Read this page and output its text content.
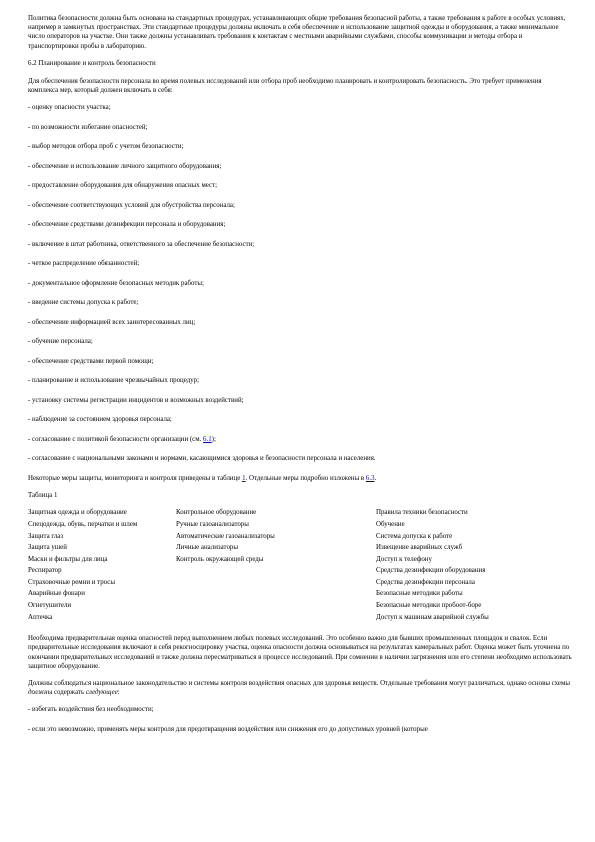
Политика безопасности должна быть основана на стандартных процедурах, устанавливающих общие требования безопасной работы, а также требования к работе в особых условиях, например в замкнутых пространствах. Эти стандартные процедуры должны включать в себя обеспечение и использование защитной одежды и оборудования, а также минимальное число операторов на участке. Они также должны устанавливать требования к контактам с местными аварийными службами, способы коммуникации и методы отбора и транспортировки пробы в лабораторию.

6.2 Планирование и контроль безопасности

Для обеспечения безопасности персонала во время полевых исследований или отбора проб необходимо планировать и контролировать безопасность. Это требует применения комплекса мер, который должен включать в себя:

- оценку опасности участка;

- по возможности избегание опасностей;

- выбор методов отбора проб с учетом безопасности;

- обеспечение и использование личного защитного оборудования;

- предоставление оборудования для обнаружения опасных мест;

- обеспечение соответствующих условий для обустройства персонала;

- обеспечение средствами дезинфекции персонала и оборудования;

- включение в штат работника, ответственного за обеспечение безопасности;

- четкое распределение обязанностей;

- документальное оформление безопасных методик работы;

- введение системы допуска к работе;

- обеспечение информацией всех заинтересованных лиц;

- обучение персонала;

- обеспечение средствами первой помощи;

- планирование и использование чрезвычайных процедур;

- установку системы регистрации инцидентов и возможных воздействий;

- наблюдение за состоянием здоровья персонала;

- согласование с политикой безопасности организации (см. 6.1);

- согласование с национальными законами и нормами, касающимися здоровья и безопасности персонала и населения.

Некоторые меры защиты, мониторинга и контроля приведены в таблице 1. Отдельные меры подробно изложены в 6.3.

Таблица 1

Защитная одежда и оборудование	Контрольное оборудование	Правила техники безопасности
Спецодежда, обувь, перчатки и шлем	Ручные газоанализаторы	Обучение
Защита глаз	Автоматические газоанализаторы	Система допуска к работе
Защита ушей	Личные анализаторы	Извещение аварийных служб
Маски и фильтры для лица	Контроль окружающей среды	Доступ к телефону
Респиратор		Средства дезинфекции оборудования
Страховочные ремни и тросы		Средства дезинфекции персонала
Аварийные фонари		Безопасные методики работы
Огнетушители		Безопасные методики пробоот-боре
Аптечка		Доступ к машинам аварийной службы

Необходима предварительная оценка опасностей перед выполнением любых полевых исследований. Это особенно важно для бывших промышленных площадок и свалок. Если предварительные исследования включают в себя рекогносцировку участка, оценка опасности должна основываться на результатах камеральных работ. Оценка может быть уточнена по окончании предварительных исследований и также должна пересматриваться в процессе исследований. При сомнении в наличии загрязнения или его степени необходимо использовать защитное оборудование.

Должны соблюдаться национальное законодательство и системы контроля воздействия опасных для здоровья веществ. Отдельные требования могут различаться, однако основы схемы должны содержать следующее:

- избегать воздействия без необходимости;

- если это невозможно, применять меры контроля для предотвращения воздействия или снижения его до допустимых уровней (которые
